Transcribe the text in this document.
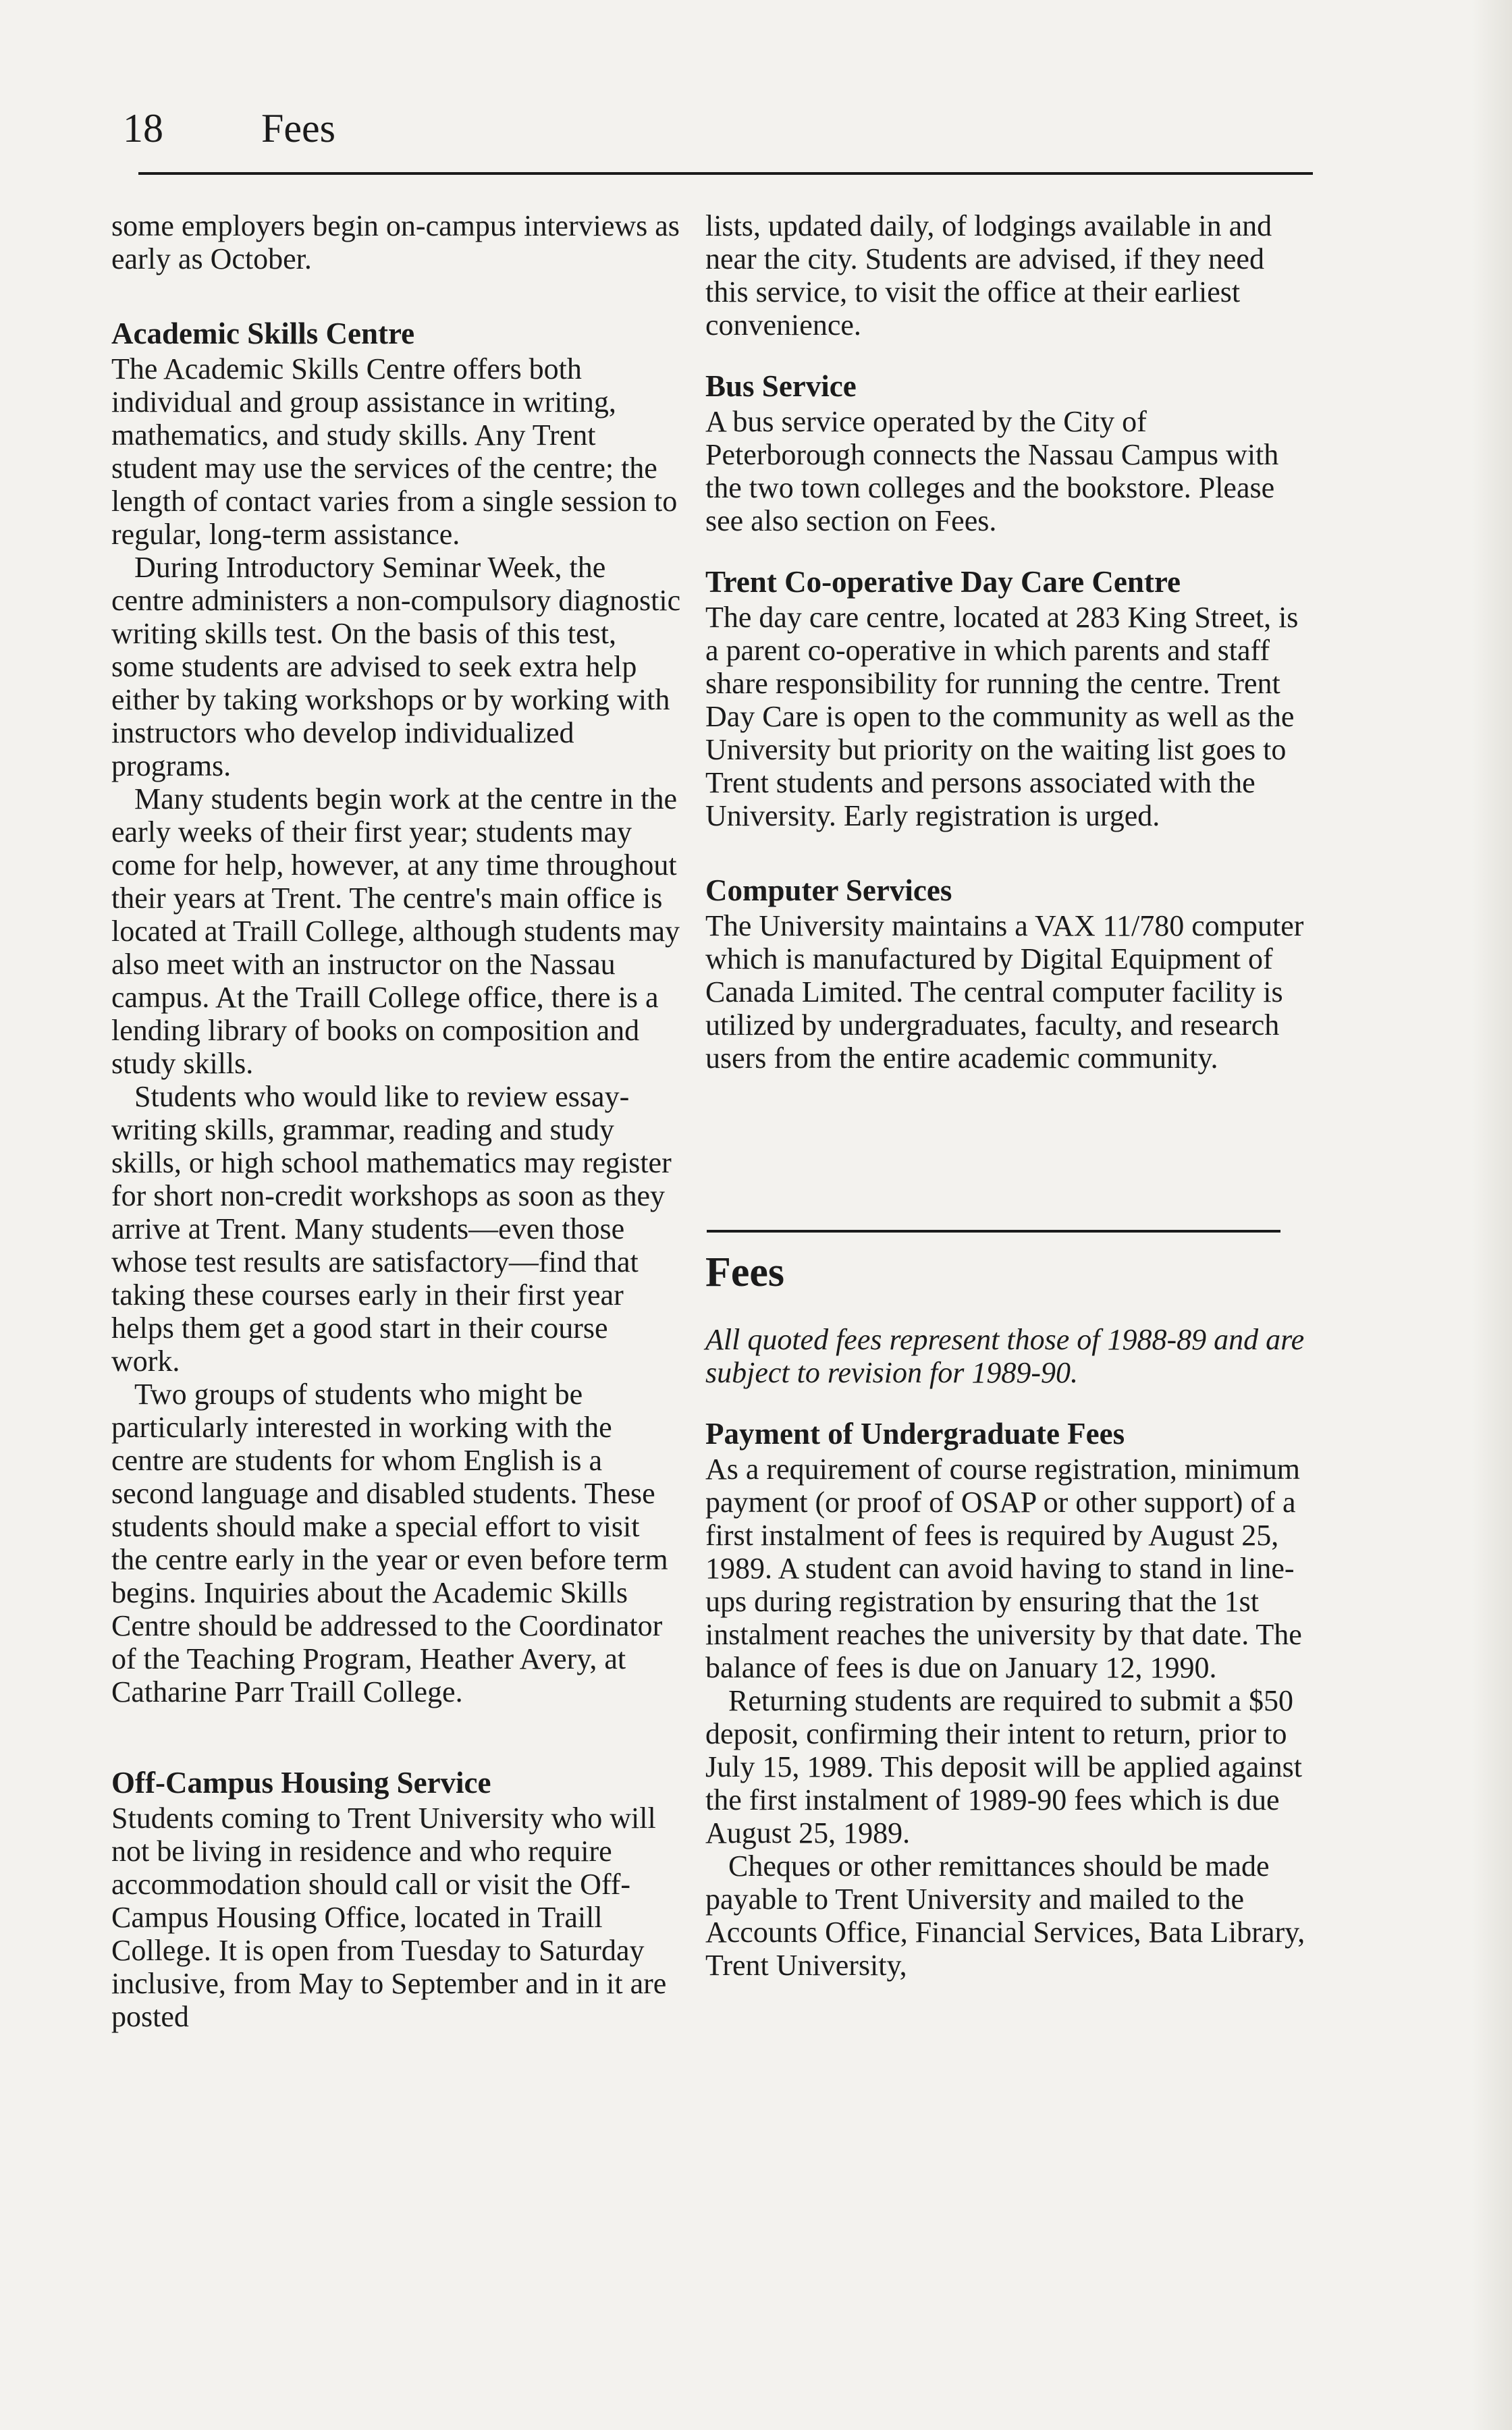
18 Fees

some employers begin on-campus interviews as early as October.

Academic Skills Centre

The Academic Skills Centre offers both individual and group assistance in writing, mathematics, and study skills. Any Trent student may use the services of the centre; the length of contact varies from a single session to regular, long-term assistance.

During Introductory Seminar Week, the centre administers a non-compulsory diagnostic writing skills test. On the basis of this test, some students are advised to seek extra help either by taking workshops or by working with instructors who develop individualized programs.

Many students begin work at the centre in the early weeks of their first year; students may come for help, however, at any time throughout their years at Trent. The centre's main office is located at Traill College, although students may also meet with an instructor on the Nassau campus. At the Traill College office, there is a lending library of books on composition and study skills.

Students who would like to review essay-writing skills, grammar, reading and study skills, or high school mathematics may register for short non-credit workshops as soon as they arrive at Trent. Many students—even those whose test results are satisfactory—find that taking these courses early in their first year helps them get a good start in their course work.

Two groups of students who might be particularly interested in working with the centre are students for whom English is a second language and disabled students. These students should make a special effort to visit the centre early in the year or even before term begins. Inquiries about the Academic Skills Centre should be addressed to the Coordinator of the Teaching Program, Heather Avery, at Catharine Parr Traill College.

Off-Campus Housing Service

Students coming to Trent University who will not be living in residence and who require accommodation should call or visit the Off-Campus Housing Office, located in Traill College. It is open from Tuesday to Saturday inclusive, from May to September and in it are posted

lists, updated daily, of lodgings available in and near the city. Students are advised, if they need this service, to visit the office at their earliest convenience.

Bus Service

A bus service operated by the City of Peterborough connects the Nassau Campus with the two town colleges and the bookstore. Please see also section on Fees.

Trent Co-operative Day Care Centre

The day care centre, located at 283 King Street, is a parent co-operative in which parents and staff share responsibility for running the centre. Trent Day Care is open to the community as well as the University but priority on the waiting list goes to Trent students and persons associated with the University. Early registration is urged.

Computer Services

The University maintains a VAX 11/780 computer which is manufactured by Digital Equipment of Canada Limited. The central computer facility is utilized by undergraduates, faculty, and research users from the entire academic community.

Fees

All quoted fees represent those of 1988-89 and are subject to revision for 1989-90.

Payment of Undergraduate Fees

As a requirement of course registration, minimum payment (or proof of OSAP or other support) of a first instalment of fees is required by August 25, 1989. A student can avoid having to stand in line-ups during registration by ensuring that the 1st instalment reaches the university by that date. The balance of fees is due on January 12, 1990.

Returning students are required to submit a $50 deposit, confirming their intent to return, prior to July 15, 1989. This deposit will be applied against the first instalment of 1989-90 fees which is due August 25, 1989.

Cheques or other remittances should be made payable to Trent University and mailed to the Accounts Office, Financial Services, Bata Library, Trent University,
